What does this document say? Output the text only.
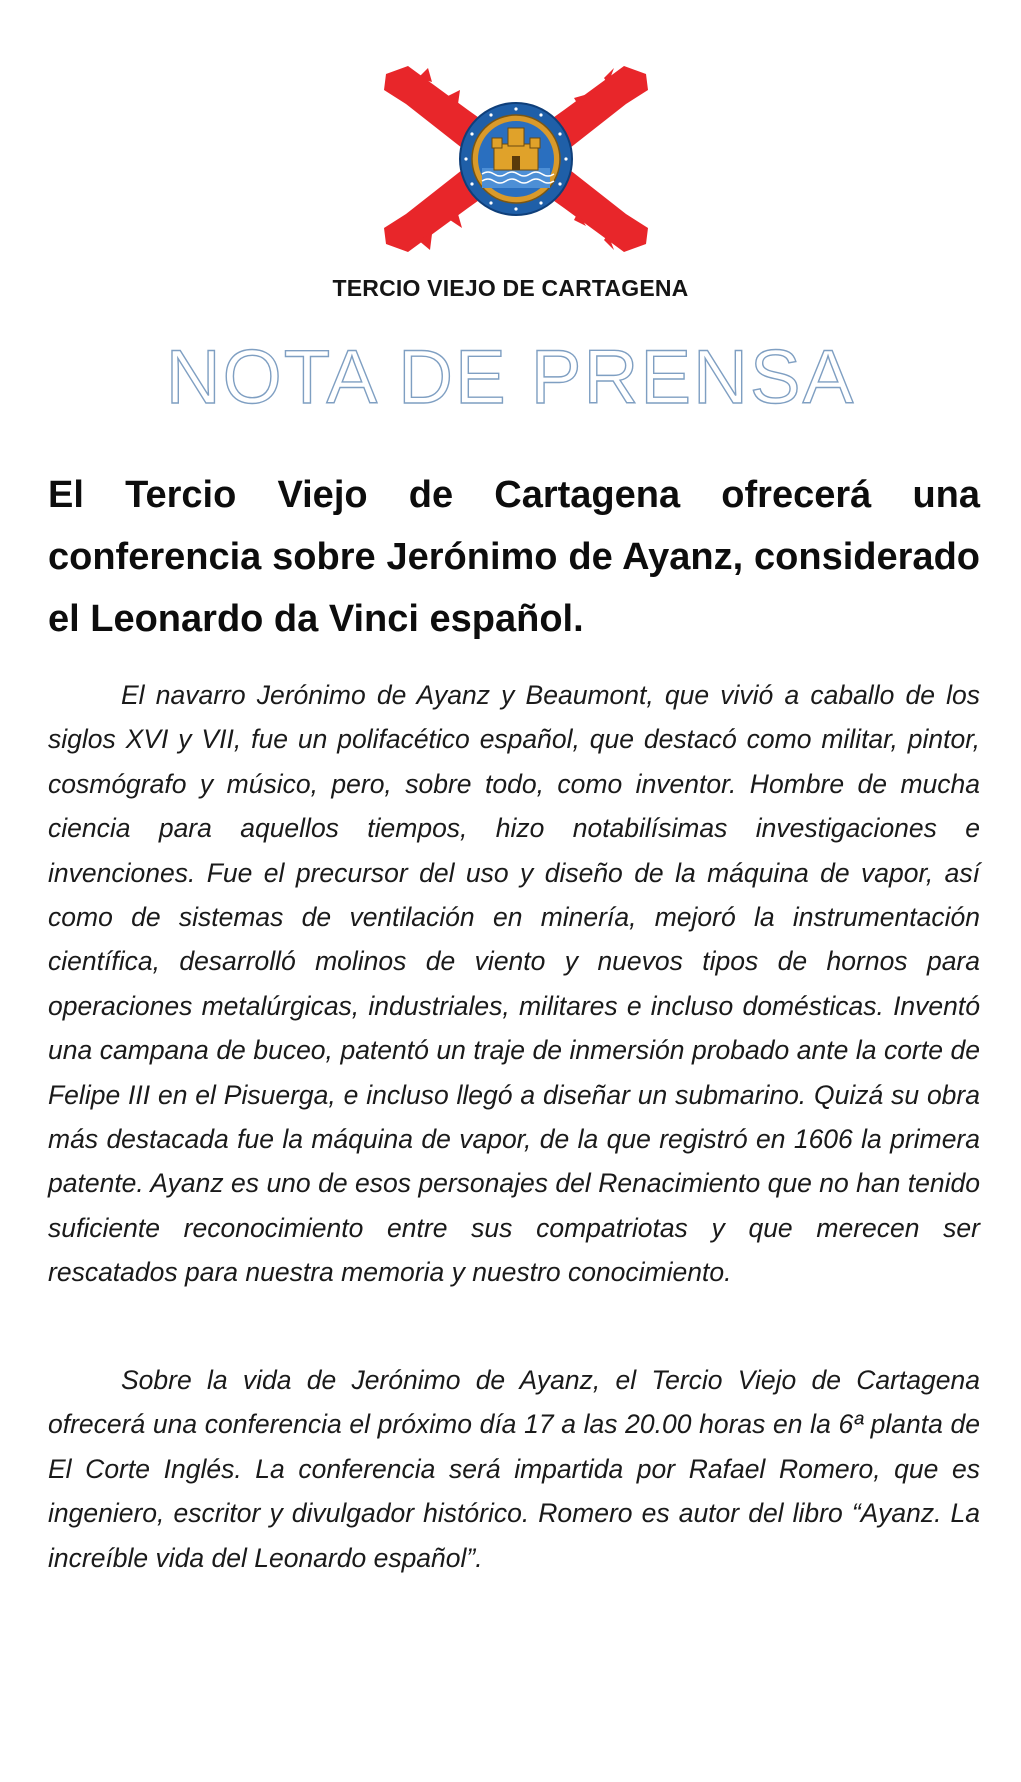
TERCIO VIEJO DE CARTAGENA
NOTA DE PRENSA
El Tercio Viejo de Cartagena ofrecerá una conferencia sobre Jerónimo de Ayanz, considerado el Leonardo da Vinci español.

El navarro Jerónimo de Ayanz y Beaumont, que vivió a caballo de los siglos XVI y VII, fue un polifacético español, que destacó como militar, pintor, cosmógrafo y músico, pero, sobre todo, como inventor. Hombre de mucha ciencia para aquellos tiempos, hizo notabilísimas investigaciones e invenciones. Fue el precursor del uso y diseño de la máquina de vapor, así como de sistemas de ventilación en minería, mejoró la instrumentación científica, desarrolló molinos de viento y nuevos tipos de hornos para operaciones metalúrgicas, industriales, militares e incluso domésticas. Inventó una campana de buceo, patentó un traje de inmersión probado ante la corte de Felipe III en el Pisuerga, e incluso llegó a diseñar un submarino. Quizá su obra más destacada fue la máquina de vapor, de la que registró en 1606 la primera patente. Ayanz es uno de esos personajes del Renacimiento que no han tenido suficiente reconocimiento entre sus compatriotas y que merecen ser rescatados para nuestra memoria y nuestro conocimiento.

Sobre la vida de Jerónimo de Ayanz, el Tercio Viejo de Cartagena ofrecerá una conferencia el próximo día 17 a las 20.00 horas en la 6ª planta de El Corte Inglés. La conferencia será impartida por Rafael Romero, que es ingeniero, escritor y divulgador histórico. Romero es autor del libro “Ayanz. La increíble vida del Leonardo español”.
